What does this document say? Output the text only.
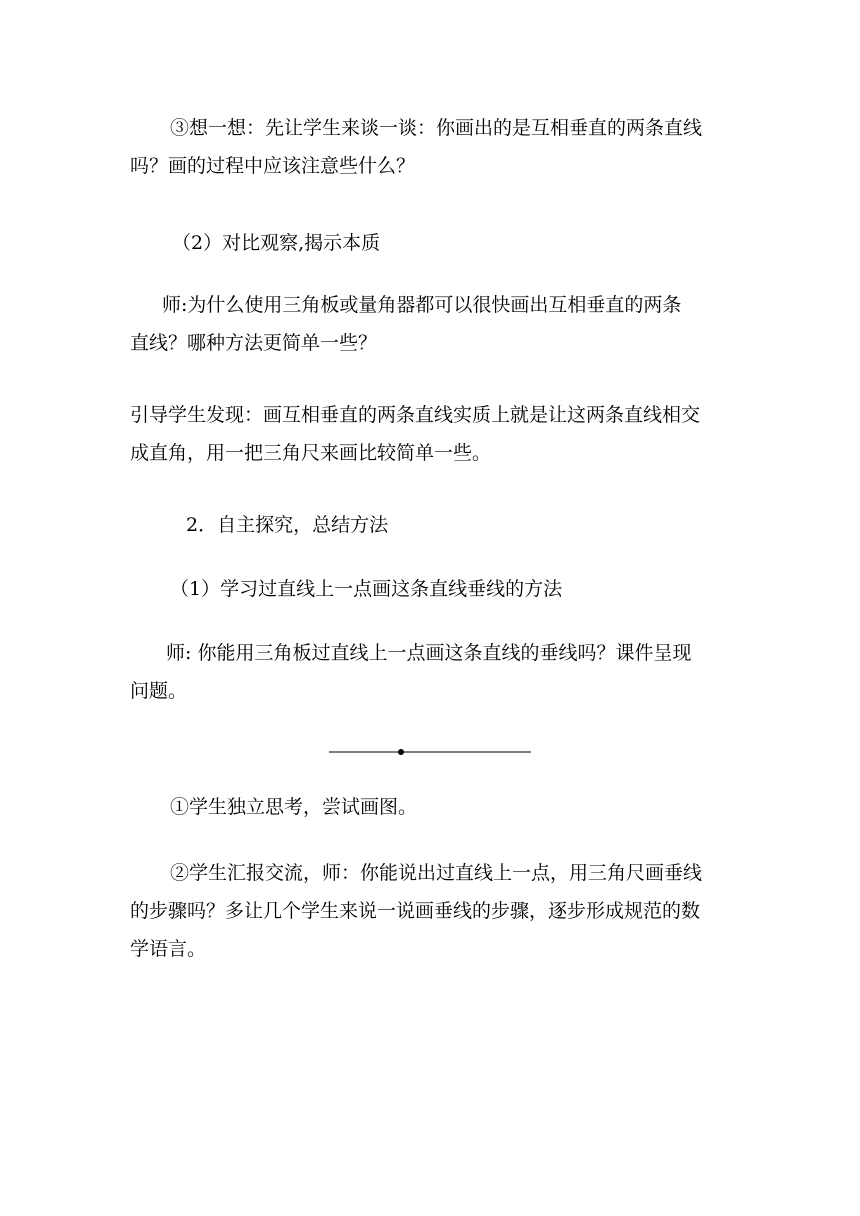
③想一想：先让学生来谈一谈：你画出的是互相垂直的两条直线
吗？画的过程中应该注意些什么？

（2）对比观察,揭示本质

师:为什么使用三角板或量角器都可以很快画出互相垂直的两条
直线？哪种方法更简单一些？

引导学生发现：画互相垂直的两条直线实质上就是让这两条直线相交
成直角，用一把三角尺来画比较简单一些。

2．自主探究，总结方法

（1）学习过直线上一点画这条直线垂线的方法

师: 你能用三角板过直线上一点画这条直线的垂线吗？课件呈现
问题。

①学生独立思考，尝试画图。

②学生汇报交流，师：你能说出过直线上一点，用三角尺画垂线
的步骤吗？多让几个学生来说一说画垂线的步骤，逐步形成规范的数
学语言。
